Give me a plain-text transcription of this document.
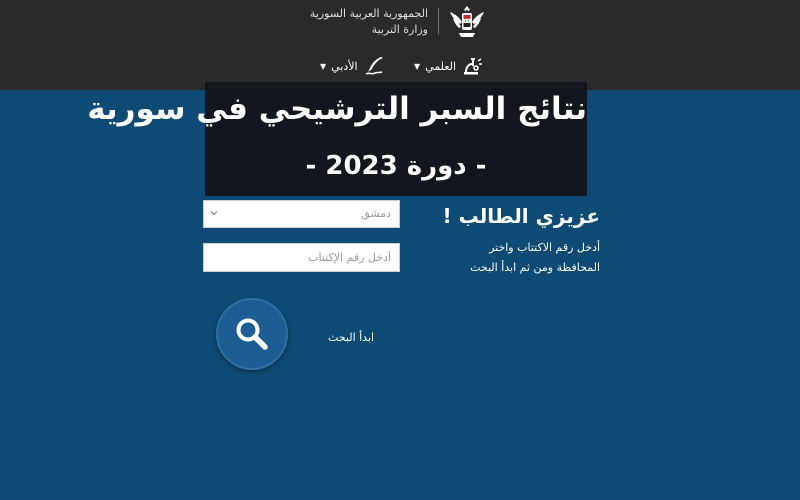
الجمهورية العربية السورية
وزارة التربية
العلمي
▼
الأدبي
▼
نتائج السبر الترشيحي في سورية
- دورة 2023 -
عزيزي الطالب !
أدخل رقم الاكتتاب واختر
المحافظة ومن ثم ابدأ البحث
دمشق
أدخل رقم الإكتتاب
ابدأ البحث
